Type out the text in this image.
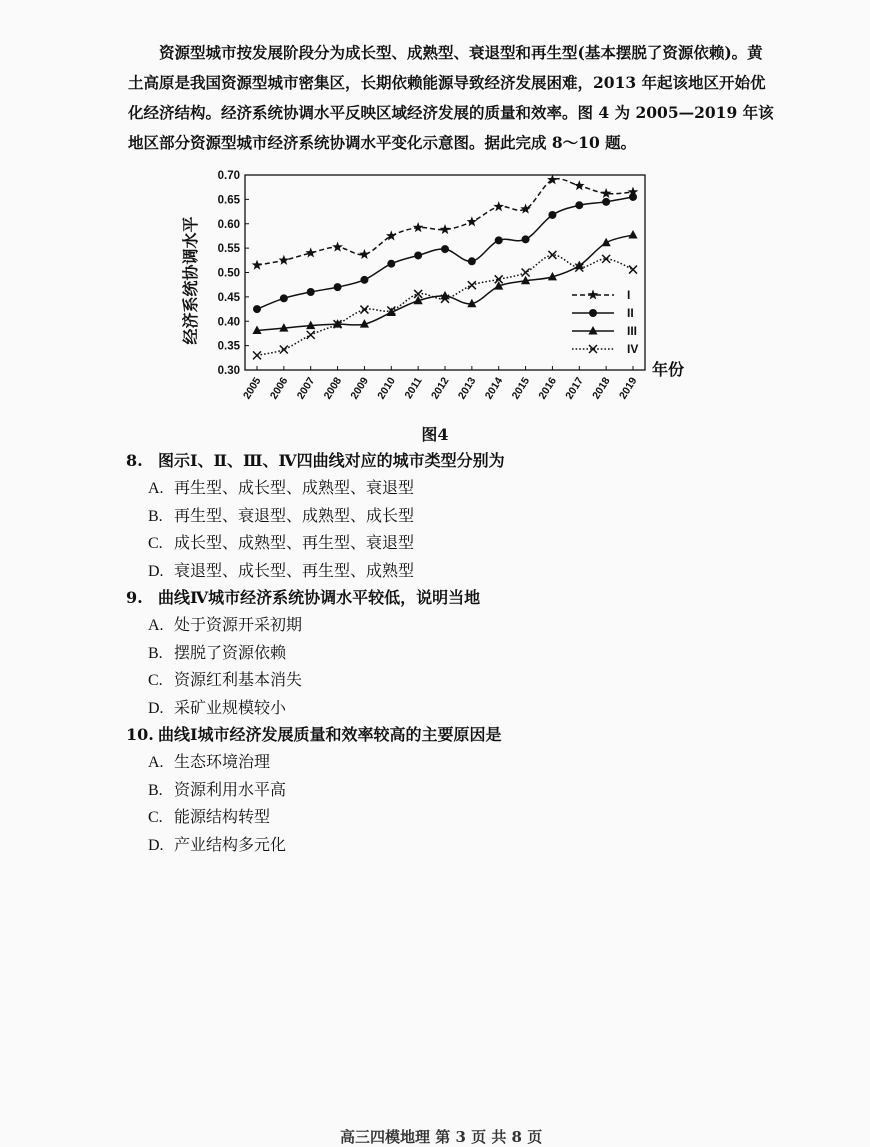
资源型城市按发展阶段分为成长型、成熟型、衰退型和再生型(基本摆脱了资源依赖)。黄土高原是我国资源型城市密集区，长期依赖能源导致经济发展困难，2013 年起该地区开始优化经济结构。经济系统协调水平反映区域经济发展的质量和效率。图 4 为 2005—2019 年该地区部分资源型城市经济系统协调水平变化示意图。据此完成 8～10 题。
0.30
0.35
0.40
0.45
0.50
0.55
0.60
0.65
0.70
2005 2006 2007 2008 2009 2010 2011 2012 2013 2014 2015 2016 2017 2018 2019
经济系统协调水平
年份
I
II
III
IV
图4
8. 图示Ⅰ、Ⅱ、Ⅲ、Ⅳ四曲线对应的城市类型分别为
A. 再生型、成长型、成熟型、衰退型
B. 再生型、衰退型、成熟型、成长型
C. 成长型、成熟型、再生型、衰退型
D. 衰退型、成长型、再生型、成熟型
9. 曲线Ⅳ城市经济系统协调水平较低，说明当地
A. 处于资源开采初期
B. 摆脱了资源依赖
C. 资源红利基本消失
D. 采矿业规模较小
10. 曲线Ⅰ城市经济发展质量和效率较高的主要原因是
A. 生态环境治理
B. 资源利用水平高
C. 能源结构转型
D. 产业结构多元化
高三四模地理 第 3 页 共 8 页
